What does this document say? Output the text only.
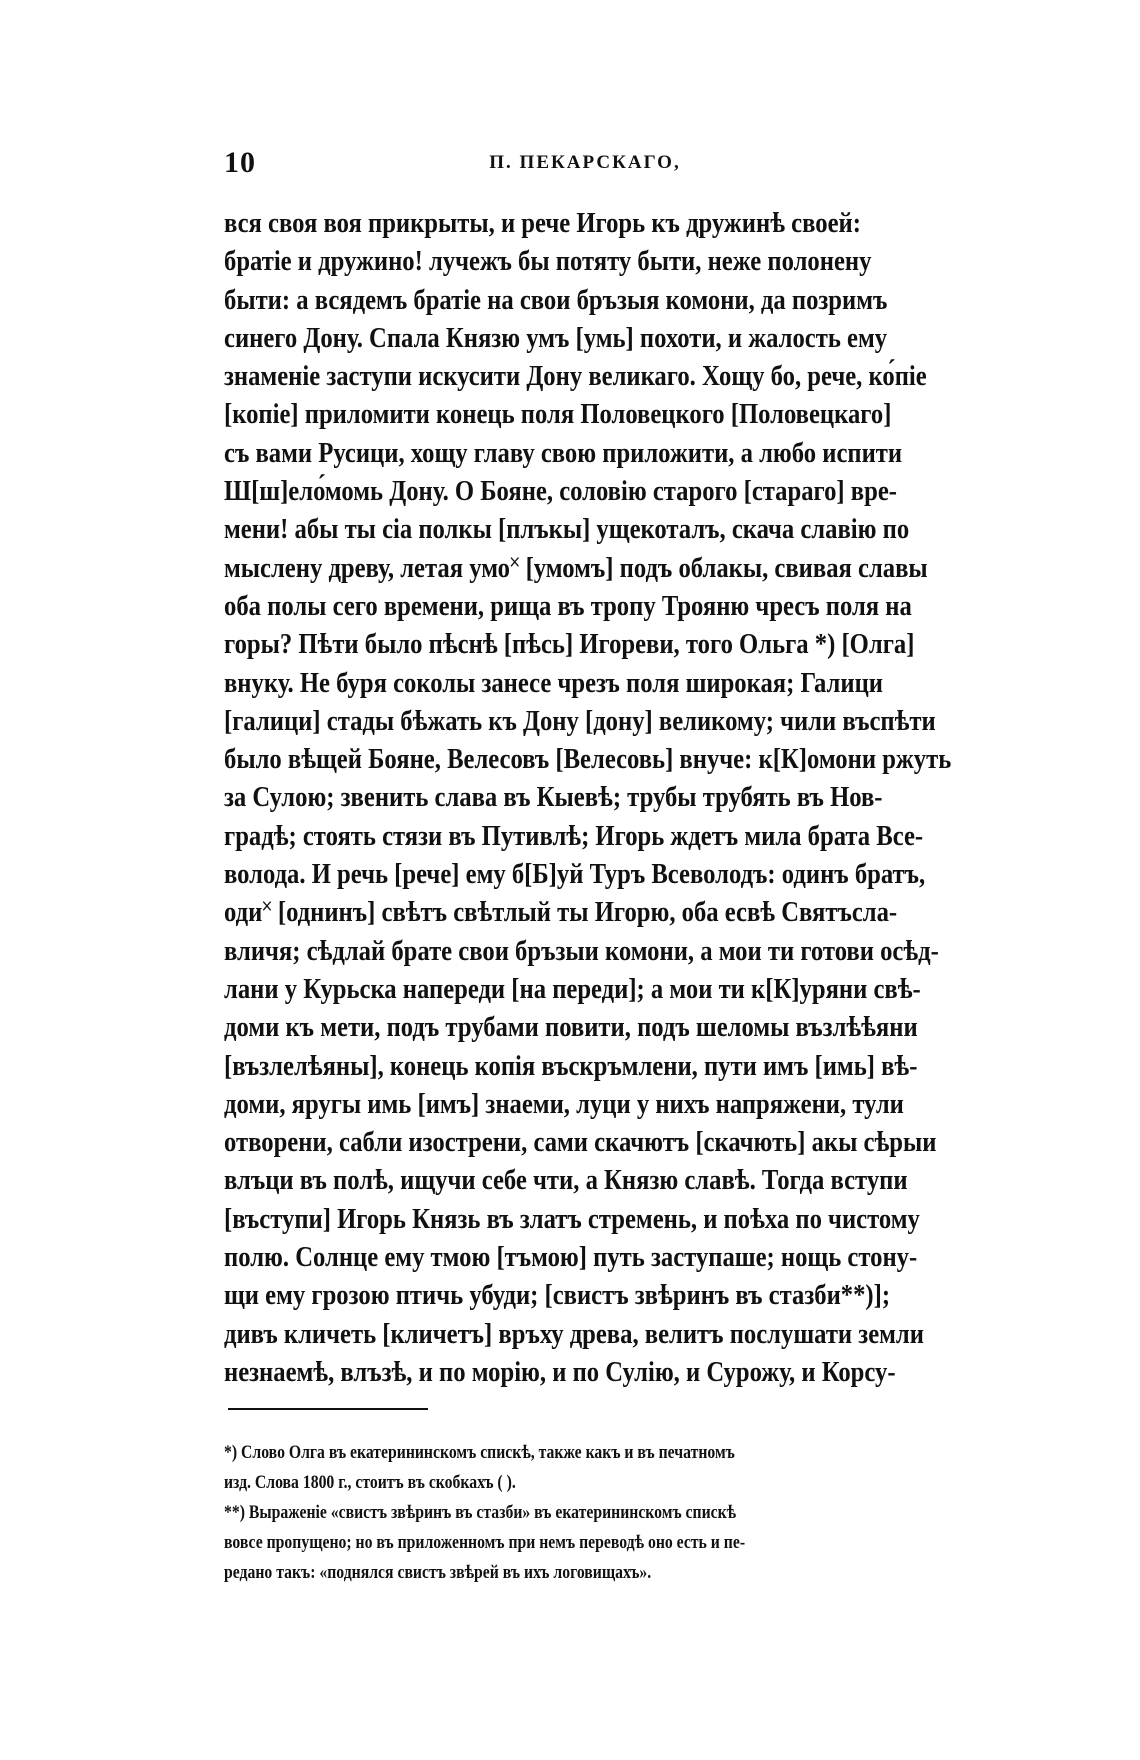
10	П. ПЕКАРСКАГО,
вся своя воя прикрыты, и рече Игорь къ дружинѣ своей:
братіе и дружино! лучежъ бы потяту быти, неже полонену
быти: а всядемъ братіе на свои бръзыя комони, да позримъ
синего Дону. Спала Князю умъ [умь] похоти, и жалость ему
знаменіе заступи искусити Дону великаго. Хощу бо, рече, ко́піе
[копіе] приломити конець поля Половецкого [Половецкаго]
съ вами Русици, хощу главу свою приложити, а любо испити
Ш[ш]ело́момь Дону. О Бояне, соловію старого [стараго] вре-
мени! абы ты сіа полкы [плъкы] ущекоталъ, скача славію по
мыслену древу, летая умо˟ [умомъ] подъ облакы, свивая славы
оба полы сего времени, рища въ тропу Трояню чресъ поля на
горы? Пѣти было пѣснѣ [пѣсь] Игореви, того Ольга *) [Олга]
внуку. Не буря соколы занесе чрезъ поля широкая; Галици
[галици] стады бѣжать къ Дону [дону] великому; чили въспѣти
было вѣщей Бояне, Велесовъ [Велесовь] внуче: к[К]омони ржуть
за Сулою; звенить слава въ Кыевѣ; трубы трубять въ Нов-
градѣ; стоять стязи въ Путивлѣ; Игорь ждетъ мила брата Все-
волода. И речь [рече] ему б[Б]уй Туръ Всеволодъ: одинъ братъ,
оди˟ [однинъ] свѣтъ свѣтлый ты Игорю, оба есвѣ Святъсла-
вличя; сѣдлай брате свои бръзыи комони, а мои ти готови осѣд-
лани у Курьска напереди [на переди]; а мои ти к[К]уряни свѣ-
доми къ мети, подъ трубами повити, подъ шеломы възлѣѣяни
[възлелѣяны], конець копія въскръмлени, пути имъ [имь] вѣ-
доми, яругы имь [имъ] знаеми, луци у нихъ напряжени, тули
отворени, сабли изострени, сами скачютъ [скачють] акы сѣрыи
влъци въ полѣ, ищучи себе чти, а Князю славѣ. Тогда вступи
[въступи] Игорь Князь въ златъ стремень, и поѣха по чистому
полю. Солнце ему тмою [тъмою] путь заступаше; нощь стону-
щи ему грозою птичь убуди; [свистъ звѣринъ въ стазби**)];
дивъ кличеть [кличетъ] връху древа, велитъ послушати земли
незнаемѣ, влъзѣ, и по морію, и по Сулію, и Сурожу, и Корсу-
*) Слово Олга въ екатерининскомъ спискѣ, также какъ и въ печатномъ
изд. Слова 1800 г., стоитъ въ скобкахъ ( ).
**) Выраженіе «свистъ звѣринъ въ стазби» въ екатерининскомъ спискѣ
вовсе пропущено; но въ приложенномъ при немъ переводѣ оно есть и пе-
редано такъ: «поднялся свистъ звѣрей въ ихъ логовищахъ».
